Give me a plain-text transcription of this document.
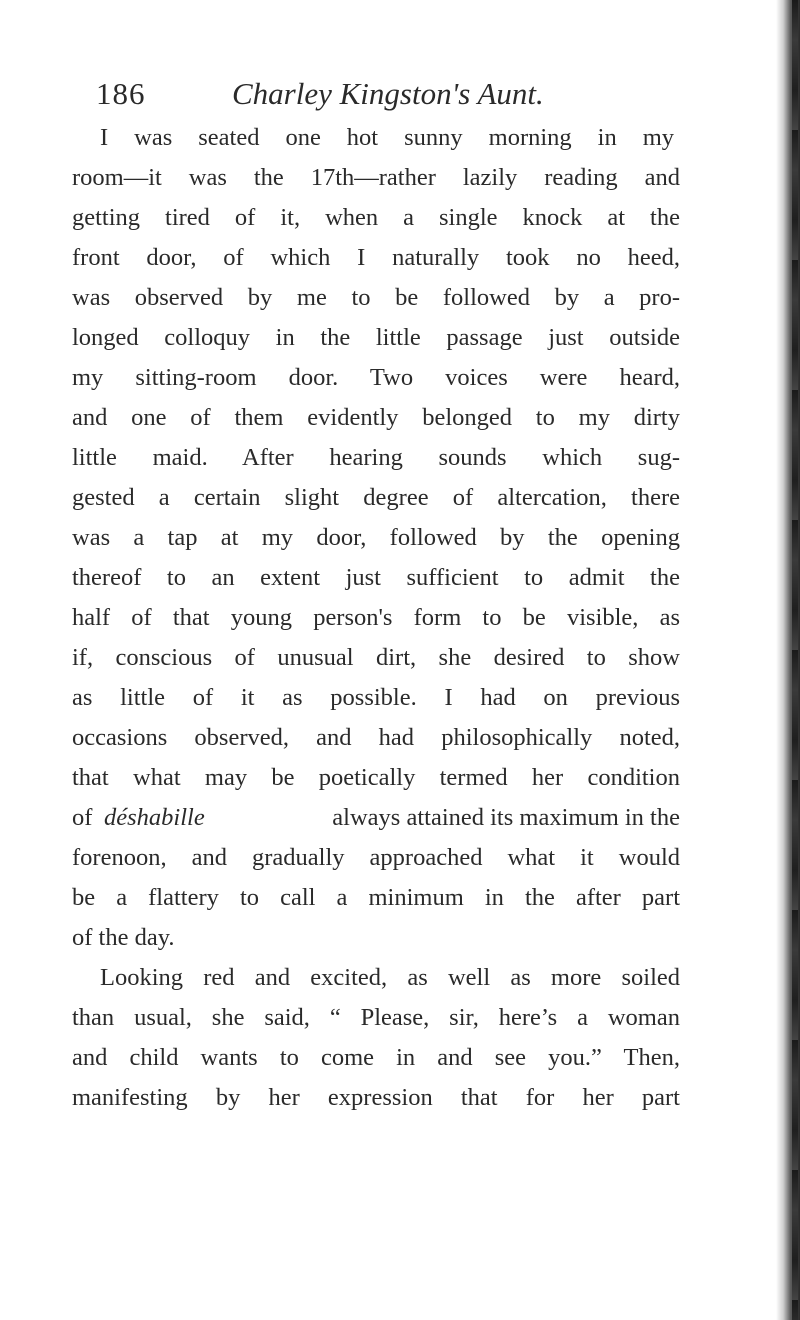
186	Charley Kingston's Aunt.
I was seated one hot sunny morning in my
room—it was the 17th—rather lazily reading and
getting tired of it, when a single knock at the
front door, of which I naturally took no heed,
was observed by me to be followed by a pro-
longed colloquy in the little passage just outside
my sitting-room door. Two voices were heard,
and one of them evidently belonged to my dirty
little maid. After hearing sounds which sug-
gested a certain slight degree of altercation, there
was a tap at my door, followed by the opening
thereof to an extent just sufficient to admit the
half of that young person's form to be visible, as
if, conscious of unusual dirt, she desired to show
as little of it as possible. I had on previous
occasions observed, and had philosophically noted,
that what may be poetically termed her condition
of déshabille	always attained its maximum in the
forenoon, and gradually approached what it would
be a flattery to call a minimum in the after part
of the day.
Looking red and excited, as well as more soiled
than usual, she said, “ Please, sir, here’s a woman
and child wants to come in and see you.” Then,
manifesting by her expression that for her part
